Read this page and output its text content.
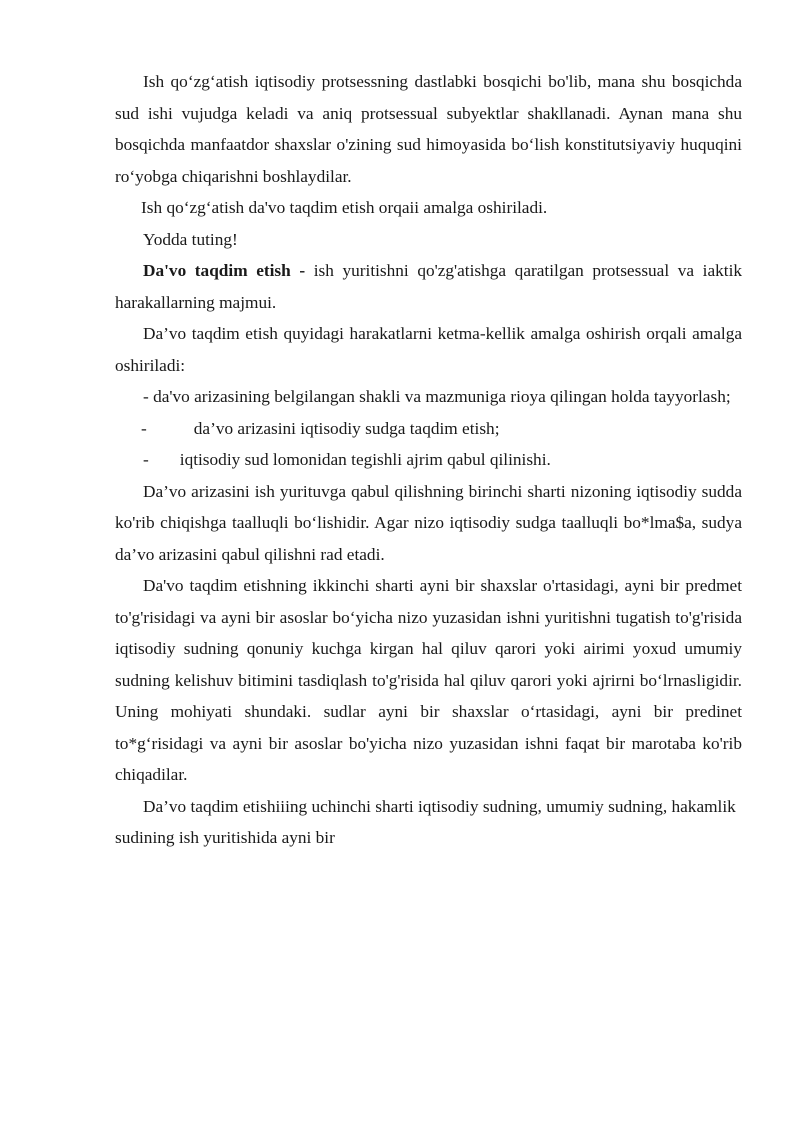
Ish qo‘zg‘atish iqtisodiy protsessning dastlabki bosqichi bo'lib, mana shu bosqichda sud ishi vujudga keladi va aniq protsessual subyektlar shakllanadi. Aynan mana shu bosqichda manfaatdor shaxslar o'zining sud himoyasida bo‘lish konstitutsiyaviy huquqini ro‘yobga chiqarishni boshlaydilar.

Ish qo‘zg‘atish da'vo taqdim etish orqaii amalga oshiriladi.

Yodda tuting!

Da'vo taqdim etish - ish yuritishni qo'zg'atishga qaratilgan protsessual va iaktik harakallarning majmui.

Da’vo taqdim etish quyidagi harakatlarni ketma-kellik amalga oshirish orqali amalga oshiriladi:

- da'vo arizasining belgilangan shakli va mazmuniga rioya qilingan holda tayyorlash;

-	da’vo arizasini iqtisodiy sudga taqdim etish;

- iqtisodiy sud lomonidan tegishli ajrim qabul qilinishi.

Da’vo arizasini ish yurituvga qabul qilishning birinchi sharti nizoning iqtisodiy sudda ko'rib chiqishga taalluqli bo‘lishidir. Agar nizo iqtisodiy sudga taalluqli bo*lma$a, sudya da’vo arizasini qabul qilishni rad etadi.

Da'vo taqdim etishning ikkinchi sharti ayni bir shaxslar o'rtasidagi, ayni bir predmet to'g'risidagi va ayni bir asoslar bo‘yicha nizo yuzasidan ishni yuritishni tugatish to'g'risida iqtisodiy sudning qonuniy kuchga kirgan hal qiluv qarori yoki airimi yoxud umumiy sudning kelishuv bitimini tasdiqlash to'g'risida hal qiluv qarori yoki ajrirni bo‘lrnasligidir. Uning mohiyati shundaki. sudlar ayni bir shaxslar o‘rtasidagi, ayni bir predinet to*g‘risidagi va ayni bir asoslar bo'yicha nizo yuzasidan ishni faqat bir marotaba ko'rib chiqadilar.

Da’vo taqdim etishiiing uchinchi sharti iqtisodiy sudning, umumiy sudning, hakamlik sudining ish yuritishida ayni bir
